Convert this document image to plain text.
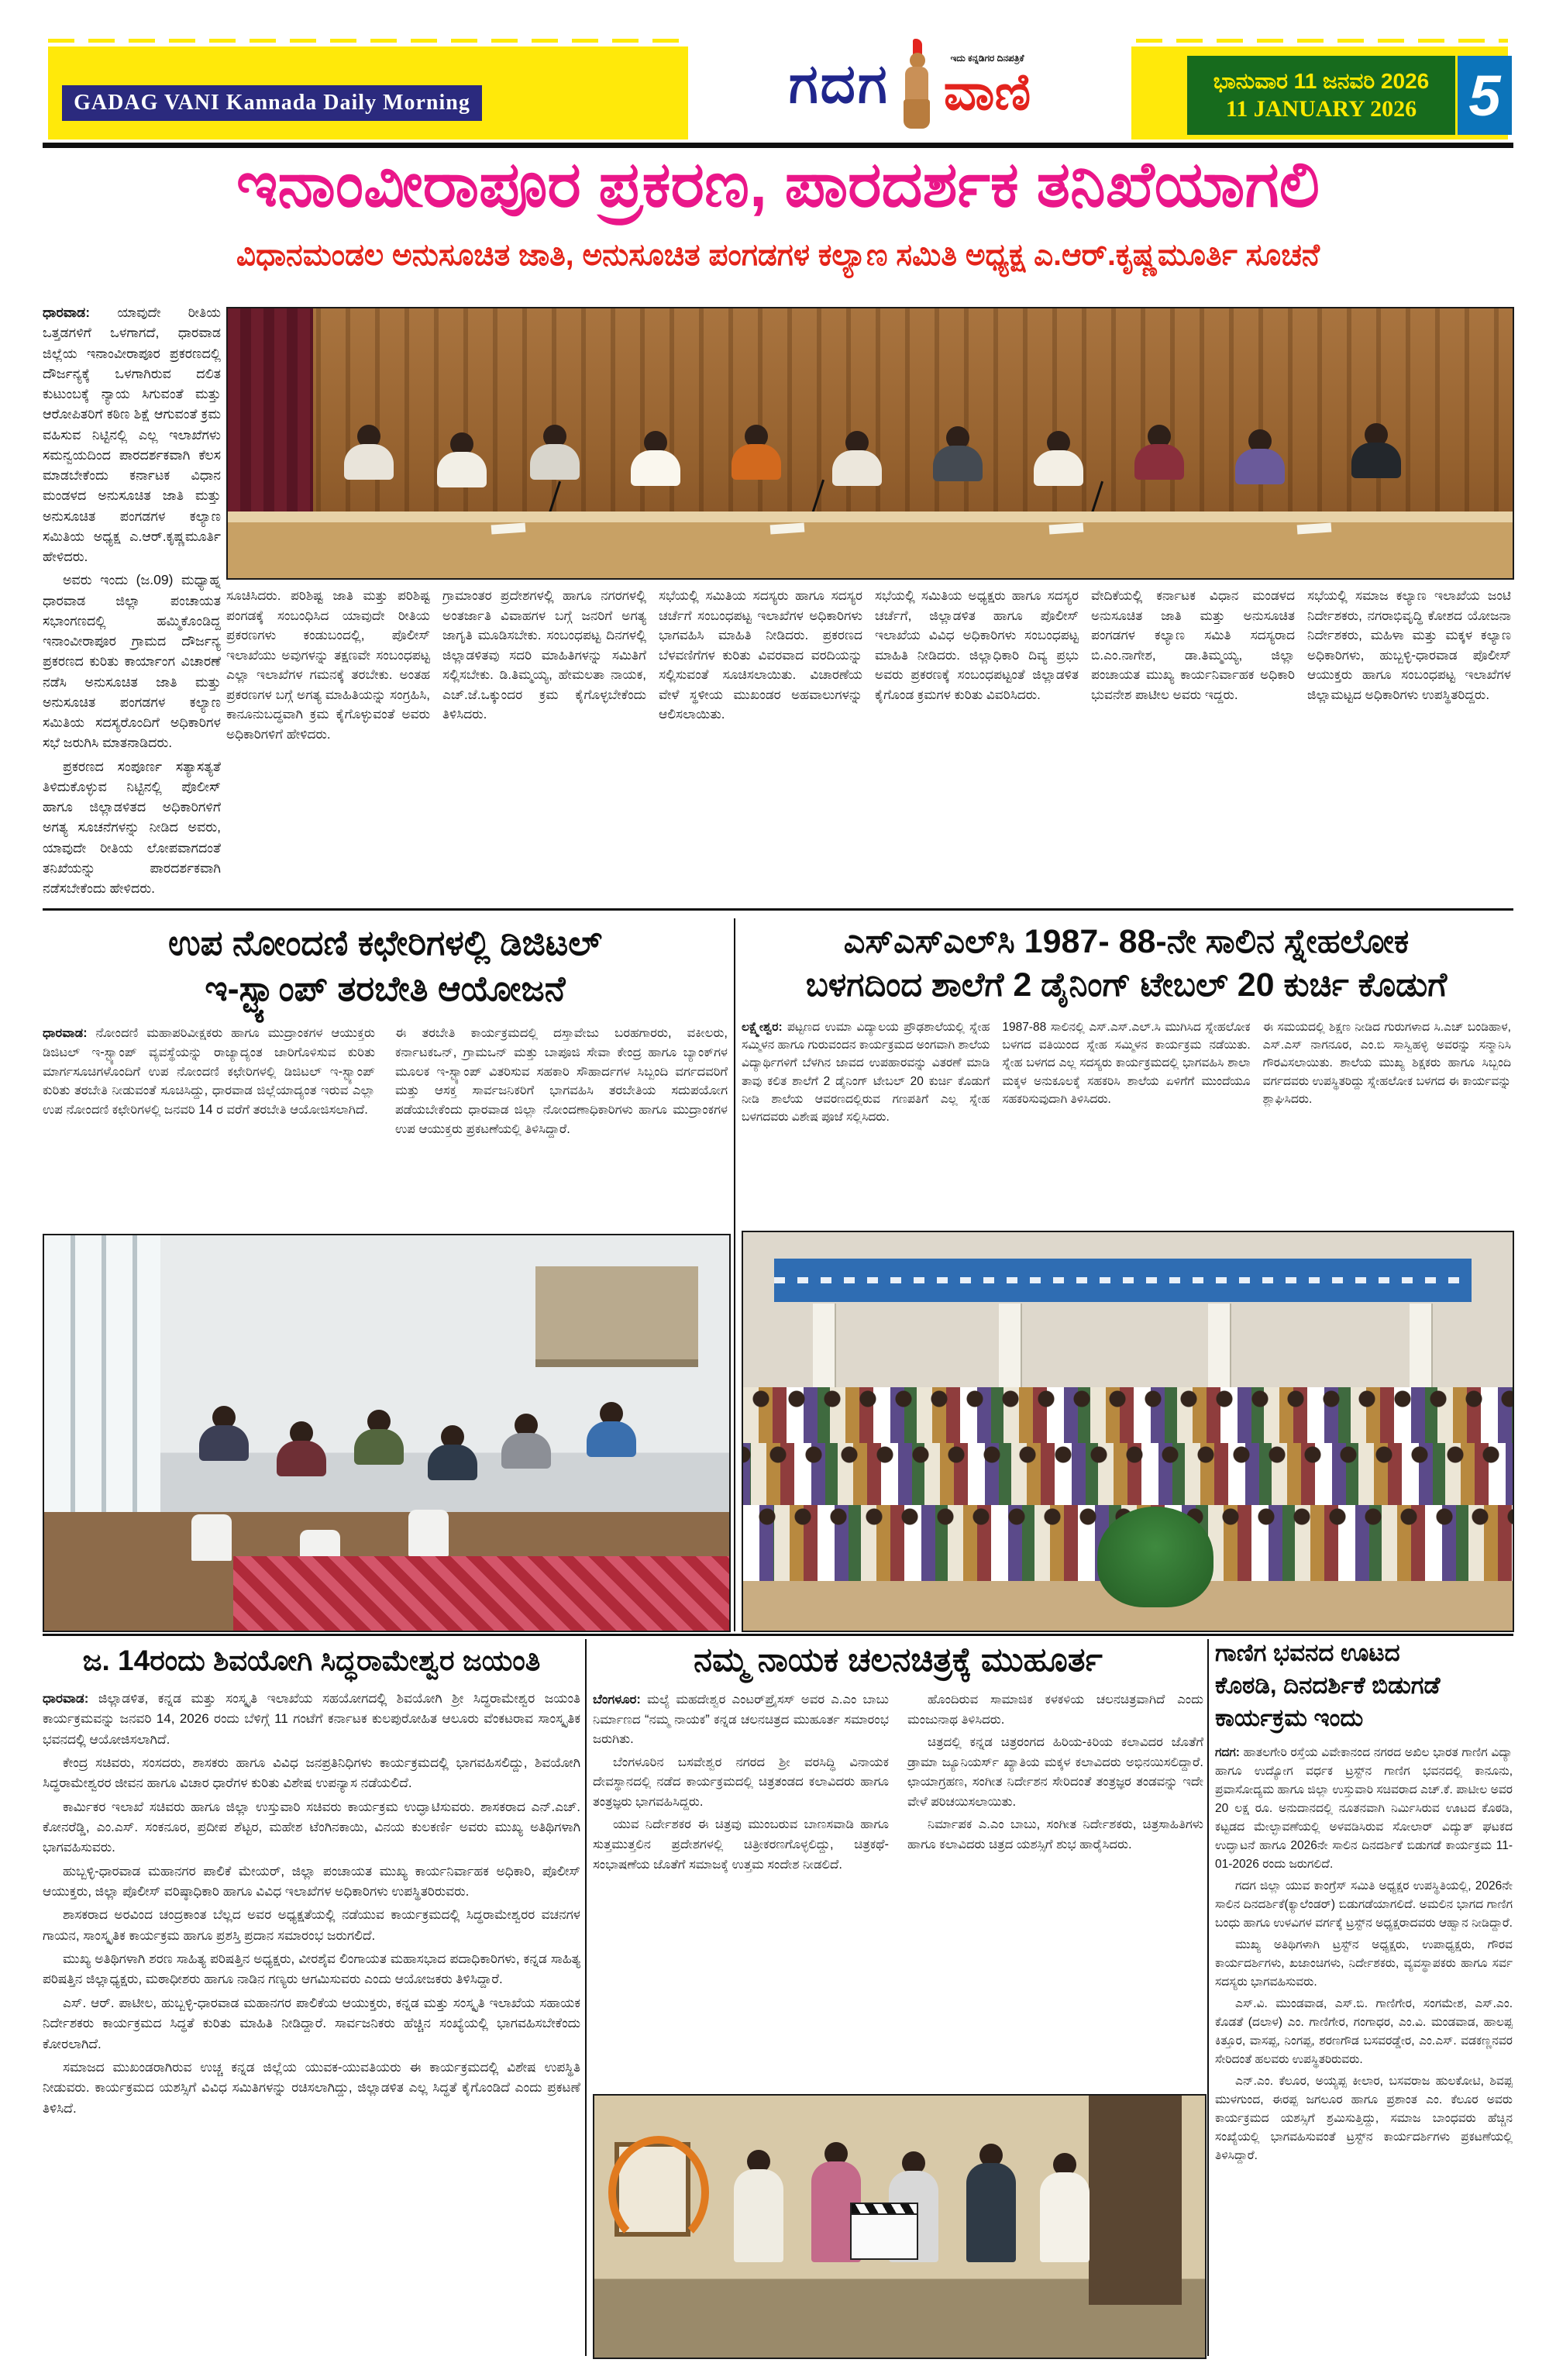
GADAG VANI Kannada Daily Morning	ಗದಗ	ಇದು ಕನ್ನಡಿಗರ ದಿನಪತ್ರಿಕೆ
ವಾಣಿ	ಭಾನುವಾರ 11 ಜನವರಿ 2026
11 JANUARY 2026 5
ಇನಾಂವೀರಾಪೂರ ಪ್ರಕರಣ, ಪಾರದರ್ಶಕ ತನಿಖೆಯಾಗಲಿ
ವಿಧಾನಮಂಡಲ ಅನುಸೂಚಿತ ಜಾತಿ, ಅನುಸೂಚಿತ ಪಂಗಡಗಳ ಕಲ್ಯಾಣ ಸಮಿತಿ ಅಧ್ಯಕ್ಷ ಎ.ಆರ್.ಕೃಷ್ಣಮೂರ್ತಿ ಸೂಚನೆ

ಧಾರವಾಡ: ಯಾವುದೇ ರೀತಿಯ ಒತ್ತಡಗಳಿಗೆ ಒಳಗಾಗದೆ, ಧಾರವಾಡ ಜಿಲ್ಲೆಯ ಇನಾಂವೀರಾಪೂರ ಪ್ರಕರಣದಲ್ಲಿ ದೌರ್ಜನ್ಯಕ್ಕೆ ಒಳಗಾಗಿರುವ ದಲಿತ ಕುಟುಂಬಕ್ಕೆ ನ್ಯಾಯ ಸಿಗುವಂತೆ ಮತ್ತು ಆರೋಪಿತರಿಗೆ ಕಠಿಣ ಶಿಕ್ಷೆ ಆಗುವಂತೆ ಕ್ರಮ ವಹಿಸುವ ನಿಟ್ಟಿನಲ್ಲಿ ಎಲ್ಲ ಇಲಾಖೆಗಳು ಸಮನ್ವಯದಿಂದ ಪಾರದರ್ಶಕವಾಗಿ ಕೆಲಸ ಮಾಡಬೇಕೆಂದು ಕರ್ನಾಟಕ ವಿಧಾನ ಮಂಡಳದ ಅನುಸೂಚಿತ ಜಾತಿ ಮತ್ತು ಅನುಸೂಚಿತ ಪಂಗಡಗಳ ಕಲ್ಯಾಣ ಸಮಿತಿಯ ಅಧ್ಯಕ್ಷ ಎ.ಆರ್.ಕೃಷ್ಣಮೂರ್ತಿ ಹೇಳಿದರು.

ಅವರು ಇಂದು (ಜ.09) ಮಧ್ಯಾಹ್ನ ಧಾರವಾಡ ಜಿಲ್ಲಾ ಪಂಚಾಯತ ಸಭಾಂಗಣದಲ್ಲಿ ಹಮ್ಮಿಕೊಂಡಿದ್ದ ಇನಾಂವೀರಾಪೂರ ಗ್ರಾಮದ ದೌರ್ಜನ್ಯ ಪ್ರಕರಣದ ಕುರಿತು ಕಾರ್ಯಾಂಗ ವಿಚಾರಣೆ ನಡೆಸಿ ಅನುಸೂಚಿತ ಜಾತಿ ಮತ್ತು ಅನುಸೂಚಿತ ಪಂಗಡಗಳ ಕಲ್ಯಾಣ ಸಮಿತಿಯ ಸದಸ್ಯರೊಂದಿಗೆ ಅಧಿಕಾರಿಗಳ ಸಭೆ ಜರುಗಿಸಿ ಮಾತನಾಡಿದರು.

ಪ್ರಕರಣದ ಸಂಪೂರ್ಣ ಸತ್ಯಾಸತ್ಯತೆ ತಿಳಿದುಕೊಳ್ಳುವ ನಿಟ್ಟಿನಲ್ಲಿ ಪೊಲೀಸ್ ಹಾಗೂ ಜಿಲ್ಲಾಡಳಿತದ ಅಧಿಕಾರಿಗಳಿಗೆ ಅಗತ್ಯ ಸೂಚನೆಗಳನ್ನು ನೀಡಿದ ಅವರು, ಯಾವುದೇ ರೀತಿಯ ಲೋಪವಾಗದಂತೆ ತನಿಖೆಯನ್ನು ಪಾರದರ್ಶಕವಾಗಿ ನಡೆಸಬೇಕೆಂದು ಹೇಳಿದರು.

ಸೂಚಿಸಿದರು. ಪರಿಶಿಷ್ಟ ಜಾತಿ ಮತ್ತು ಪರಿಶಿಷ್ಟ ಪಂಗಡಕ್ಕೆ ಸಂಬಂಧಿಸಿದ ಯಾವುದೇ ರೀತಿಯ ಪ್ರಕರಣಗಳು ಕಂಡುಬಂದಲ್ಲಿ, ಪೊಲೀಸ್ ಇಲಾಖೆಯು ಅವುಗಳನ್ನು ತಕ್ಷಣವೇ ಸಂಬಂಧಪಟ್ಟ ಎಲ್ಲಾ ಇಲಾಖೆಗಳ ಗಮನಕ್ಕೆ ತರಬೇಕು. ಅಂತಹ ಪ್ರಕರಣಗಳ ಬಗ್ಗೆ ಅಗತ್ಯ ಮಾಹಿತಿಯನ್ನು ಸಂಗ್ರಹಿಸಿ, ಕಾನೂನುಬದ್ಧವಾಗಿ ಕ್ರಮ ಕೈಗೊಳ್ಳುವಂತೆ ಅವರು ಅಧಿಕಾರಿಗಳಿಗೆ ಹೇಳಿದರು.
ಗ್ರಾಮಾಂತರ ಪ್ರದೇಶಗಳಲ್ಲಿ ಹಾಗೂ ನಗರಗಳಲ್ಲಿ ಅಂತರ್ಜಾತಿ ವಿವಾಹಗಳ ಬಗ್ಗೆ ಜನರಿಗೆ ಅಗತ್ಯ ಜಾಗೃತಿ ಮೂಡಿಸಬೇಕು. ಸಂಬಂಧಪಟ್ಟ ದಿನಗಳಲ್ಲಿ ಜಿಲ್ಲಾಡಳಿತವು ಸದರಿ ಮಾಹಿತಿಗಳನ್ನು ಸಮಿತಿಗೆ ಸಲ್ಲಿಸಬೇಕು. ಡಿ.ತಿಮ್ಮಯ್ಯ, ಹೇಮಲತಾ ನಾಯಕ, ಎಚ್.ಜೆ.ಒಕ್ಕುಂದರ ಕ್ರಮ ಕೈಗೊಳ್ಳಬೇಕೆಂದು ತಿಳಿಸಿದರು.
ಸಭೆಯಲ್ಲಿ ಸಮಿತಿಯ ಸದಸ್ಯರು ಹಾಗೂ ಸದಸ್ಯರ ಚರ್ಚೆಗೆ ಸಂಬಂಧಪಟ್ಟ ಇಲಾಖೆಗಳ ಅಧಿಕಾರಿಗಳು ಭಾಗವಹಿಸಿ ಮಾಹಿತಿ ನೀಡಿದರು. ಪ್ರಕರಣದ ಬೆಳವಣಿಗೆಗಳ ಕುರಿತು ವಿವರವಾದ ವರದಿಯನ್ನು ಸಲ್ಲಿಸುವಂತೆ ಸೂಚಿಸಲಾಯಿತು. ವಿಚಾರಣೆಯ ವೇಳೆ ಸ್ಥಳೀಯ ಮುಖಂಡರ ಅಹವಾಲುಗಳನ್ನು ಆಲಿಸಲಾಯಿತು.
ಸಭೆಯಲ್ಲಿ ಸಮಿತಿಯ ಅಧ್ಯಕ್ಷರು ಹಾಗೂ ಸದಸ್ಯರ ಚರ್ಚೆಗೆ, ಜಿಲ್ಲಾಡಳಿತ ಹಾಗೂ ಪೊಲೀಸ್ ಇಲಾಖೆಯ ವಿವಿಧ ಅಧಿಕಾರಿಗಳು ಸಂಬಂಧಪಟ್ಟ ಮಾಹಿತಿ ನೀಡಿದರು. ಜಿಲ್ಲಾಧಿಕಾರಿ ದಿವ್ಯ ಪ್ರಭು ಅವರು ಪ್ರಕರಣಕ್ಕೆ ಸಂಬಂಧಪಟ್ಟಂತೆ ಜಿಲ್ಲಾಡಳಿತ ಕೈಗೊಂಡ ಕ್ರಮಗಳ ಕುರಿತು ವಿವರಿಸಿದರು.
ವೇದಿಕೆಯಲ್ಲಿ ಕರ್ನಾಟಕ ವಿಧಾನ ಮಂಡಳದ ಅನುಸೂಚಿತ ಜಾತಿ ಮತ್ತು ಅನುಸೂಚಿತ ಪಂಗಡಗಳ ಕಲ್ಯಾಣ ಸಮಿತಿ ಸದಸ್ಯರಾದ ಬಿ.ಎಂ.ನಾಗೇಶ, ಡಾ.ತಿಮ್ಮಯ್ಯ, ಜಿಲ್ಲಾ ಪಂಚಾಯತ ಮುಖ್ಯ ಕಾರ್ಯನಿರ್ವಾಹಕ ಅಧಿಕಾರಿ ಭುವನೇಶ ಪಾಟೀಲ ಅವರು ಇದ್ದರು.
ಸಭೆಯಲ್ಲಿ ಸಮಾಜ ಕಲ್ಯಾಣ ಇಲಾಖೆಯ ಜಂಟಿ ನಿರ್ದೇಶಕರು, ನಗರಾಭಿವೃದ್ಧಿ ಕೋಶದ ಯೋಜನಾ ನಿರ್ದೇಶಕರು, ಮಹಿಳಾ ಮತ್ತು ಮಕ್ಕಳ ಕಲ್ಯಾಣ ಅಧಿಕಾರಿಗಳು, ಹುಬ್ಬಳ್ಳಿ-ಧಾರವಾಡ ಪೊಲೀಸ್ ಆಯುಕ್ತರು ಹಾಗೂ ಸಂಬಂಧಪಟ್ಟ ಇಲಾಖೆಗಳ ಜಿಲ್ಲಾಮಟ್ಟದ ಅಧಿಕಾರಿಗಳು ಉಪಸ್ಥಿತರಿದ್ದರು.
ಉಪ ನೋಂದಣಿ ಕಛೇರಿಗಳಲ್ಲಿ ಡಿಜಿಟಲ್
ಇ-ಸ್ಟ್ಯಾಂಪ್ ತರಬೇತಿ ಆಯೋಜನೆ
ಧಾರವಾಡ: ನೋಂದಣಿ ಮಹಾಪರಿವೀಕ್ಷಕರು ಹಾಗೂ ಮುದ್ರಾಂಕಗಳ ಆಯುಕ್ತರು ಡಿಜಿಟಲ್ ಇ-ಸ್ಟ್ಯಾಂಪ್ ವ್ಯವಸ್ಥೆಯನ್ನು ರಾಜ್ಯಾದ್ಯಂತ ಜಾರಿಗೊಳಿಸುವ ಕುರಿತು ಮಾರ್ಗಸೂಚಿಗಳೊಂದಿಗೆ ಉಪ ನೋಂದಣಿ ಕಛೇರಿಗಳಲ್ಲಿ ಡಿಜಿಟಲ್ ಇ-ಸ್ಟ್ಯಾಂಪ್ ಕುರಿತು ತರಬೇತಿ ನೀಡುವಂತೆ ಸೂಚಿಸಿದ್ದು, ಧಾರವಾಡ ಜಿಲ್ಲೆಯಾದ್ಯಂತ ಇರುವ ಎಲ್ಲಾ ಉಪ ನೋಂದಣಿ ಕಛೇರಿಗಳಲ್ಲಿ ಜನವರಿ 14 ರ ವರೆಗೆ ತರಬೇತಿ ಆಯೋಜಿಸಲಾಗಿದೆ.
ಈ ತರಬೇತಿ ಕಾರ್ಯಕ್ರಮದಲ್ಲಿ ದಸ್ತಾವೇಜು ಬರಹಗಾರರು, ವಕೀಲರು, ಕರ್ನಾಟಕಒನ್, ಗ್ರಾಮಒನ್ ಮತ್ತು ಬಾಪೂಜಿ ಸೇವಾ ಕೇಂದ್ರ ಹಾಗೂ ಬ್ಯಾಂಕ್‌ಗಳ ಮೂಲಕ ಇ-ಸ್ಟ್ಯಾಂಪ್ ವಿತರಿಸುವ ಸಹಕಾರಿ ಸೌಹಾರ್ದಗಳ ಸಿಬ್ಬಂದಿ ವರ್ಗದವರಿಗೆ ಮತ್ತು ಆಸಕ್ತ ಸಾರ್ವಜನಿಕರಿಗೆ ಭಾಗವಹಿಸಿ ತರಬೇತಿಯ ಸದುಪಯೋಗ ಪಡೆಯಬೇಕೆಂದು ಧಾರವಾಡ ಜಿಲ್ಲಾ ನೋಂದಣಾಧಿಕಾರಿಗಳು ಹಾಗೂ ಮುದ್ರಾಂಕಗಳ ಉಪ ಆಯುಕ್ತರು ಪ್ರಕಟಣೆಯಲ್ಲಿ ತಿಳಿಸಿದ್ದಾರೆ.
ಎಸ್‌ಎಸ್‌ಎಲ್‌ಸಿ 1987- 88-ನೇ ಸಾಲಿನ ಸ್ನೇಹಲೋಕ
ಬಳಗದಿಂದ ಶಾಲೆಗೆ 2 ಡೈನಿಂಗ್ ಟೇಬಲ್ 20 ಕುರ್ಚಿ ಕೊಡುಗೆ
ಲಕ್ಷ್ಮೇಶ್ವರ: ಪಟ್ಟಣದ ಉಮಾ ವಿದ್ಯಾಲಯ ಪ್ರೌಢಶಾಲೆಯಲ್ಲಿ ಸ್ನೇಹ ಸಮ್ಮಿಳನ ಹಾಗೂ ಗುರುವಂದನ ಕಾರ್ಯಕ್ರಮದ ಅಂಗವಾಗಿ ಶಾಲೆಯ ವಿದ್ಯಾರ್ಥಿಗಳಿಗೆ ಬೆಳಗಿನ ಜಾವದ ಉಪಹಾರವನ್ನು ವಿತರಣೆ ಮಾಡಿ ತಾವು ಕಲಿತ ಶಾಲೆಗೆ 2 ಡೈನಿಂಗ್ ಟೇಬಲ್ 20 ಕುರ್ಚಿ ಕೊಡುಗೆ ನೀಡಿ ಶಾಲೆಯ ಆವರಣದಲ್ಲಿರುವ ಗಣಪತಿಗೆ ಎಲ್ಲ ಸ್ನೇಹ ಬಳಗದವರು ವಿಶೇಷ ಪೂಜೆ ಸಲ್ಲಿಸಿದರು.
1987-88 ಸಾಲಿನಲ್ಲಿ ಎಸ್.ಎಸ್.ಎಲ್.ಸಿ ಮುಗಿಸಿದ ಸ್ನೇಹಲೋಕ ಬಳಗದ ವತಿಯಿಂದ ಸ್ನೇಹ ಸಮ್ಮಿಳನ ಕಾರ್ಯಕ್ರಮ ನಡೆಯಿತು. ಸ್ನೇಹ ಬಳಗದ ಎಲ್ಲ ಸದಸ್ಯರು ಕಾರ್ಯಕ್ರಮದಲ್ಲಿ ಭಾಗವಹಿಸಿ ಶಾಲಾ ಮಕ್ಕಳ ಅನುಕೂಲಕ್ಕೆ ಸಹಕರಿಸಿ ಶಾಲೆಯ ಏಳಿಗೆಗೆ ಮುಂದೆಯೂ ಸಹಕರಿಸುವುದಾಗಿ ತಿಳಿಸಿದರು.
ಈ ಸಮಯದಲ್ಲಿ ಶಿಕ್ಷಣ ನೀಡಿದ ಗುರುಗಳಾದ ಸಿ.ಎಚ್ ಬಂಡಿಹಾಳ, ಎಸ್.ಎಸ್ ನಾಗನೂರ, ಎಂ.ಬಿ ಸಾಸ್ವಿಹಳ್ಳಿ ಅವರನ್ನು ಸನ್ಮಾನಿಸಿ ಗೌರವಿಸಲಾಯಿತು. ಶಾಲೆಯ ಮುಖ್ಯ ಶಿಕ್ಷಕರು ಹಾಗೂ ಸಿಬ್ಬಂದಿ ವರ್ಗದವರು ಉಪಸ್ಥಿತರಿದ್ದು ಸ್ನೇಹಲೋಕ ಬಳಗದ ಈ ಕಾರ್ಯವನ್ನು ಶ್ಲಾಘಿಸಿದರು.
ಜ. 14ರಂದು ಶಿವಯೋಗಿ ಸಿದ್ಧರಾಮೇಶ್ವರ ಜಯಂತಿ

ಧಾರವಾಡ: ಜಿಲ್ಲಾಡಳಿತ, ಕನ್ನಡ ಮತ್ತು ಸಂಸ್ಕೃತಿ ಇಲಾಖೆಯ ಸಹಯೋಗದಲ್ಲಿ ಶಿವಯೋಗಿ ಶ್ರೀ ಸಿದ್ಧರಾಮೇಶ್ವರ ಜಯಂತಿ ಕಾರ್ಯಕ್ರಮವನ್ನು ಜನವರಿ 14, 2026 ರಂದು ಬೆಳಿಗ್ಗೆ 11 ಗಂಟೆಗೆ ಕರ್ನಾಟಕ ಕುಲಪುರೋಹಿತ ಆಲೂರು ವೆಂಕಟರಾವ ಸಾಂಸ್ಕೃತಿಕ ಭವನದಲ್ಲಿ ಆಯೋಜಿಸಲಾಗಿದೆ.

ಕೇಂದ್ರ ಸಚಿವರು, ಸಂಸದರು, ಶಾಸಕರು ಹಾಗೂ ವಿವಿಧ ಜನಪ್ರತಿನಿಧಿಗಳು ಕಾರ್ಯಕ್ರಮದಲ್ಲಿ ಭಾಗವಹಿಸಲಿದ್ದು, ಶಿವಯೋಗಿ ಸಿದ್ಧರಾಮೇಶ್ವರರ ಜೀವನ ಹಾಗೂ ವಿಚಾರ ಧಾರೆಗಳ ಕುರಿತು ವಿಶೇಷ ಉಪನ್ಯಾಸ ನಡೆಯಲಿದೆ.

ಕಾರ್ಮಿಕರ ಇಲಾಖೆ ಸಚಿವರು ಹಾಗೂ ಜಿಲ್ಲಾ ಉಸ್ತುವಾರಿ ಸಚಿವರು ಕಾರ್ಯಕ್ರಮ ಉದ್ಘಾಟಿಸುವರು. ಶಾಸಕರಾದ ಎನ್.ಎಚ್. ಕೋನರೆಡ್ಡಿ, ಎಂ.ಎಸ್. ಸಂಕನೂರ, ಪ್ರದೀಪ ಶೆಟ್ಟರ, ಮಹೇಶ ಟೆಂಗಿನಕಾಯಿ, ವಿನಯ ಕುಲಕರ್ಣಿ ಅವರು ಮುಖ್ಯ ಅತಿಥಿಗಳಾಗಿ ಭಾಗವಹಿಸುವರು.

ಹುಬ್ಬಳ್ಳಿ-ಧಾರವಾಡ ಮಹಾನಗರ ಪಾಲಿಕೆ ಮೇಯರ್, ಜಿಲ್ಲಾ ಪಂಚಾಯತ ಮುಖ್ಯ ಕಾರ್ಯನಿರ್ವಾಹಕ ಅಧಿಕಾರಿ, ಪೊಲೀಸ್ ಆಯುಕ್ತರು, ಜಿಲ್ಲಾ ಪೊಲೀಸ್ ವರಿಷ್ಠಾಧಿಕಾರಿ ಹಾಗೂ ವಿವಿಧ ಇಲಾಖೆಗಳ ಅಧಿಕಾರಿಗಳು ಉಪಸ್ಥಿತರಿರುವರು.

ಶಾಸಕರಾದ ಅರವಿಂದ ಚಂದ್ರಕಾಂತ ಬೆಲ್ಲದ ಅವರ ಅಧ್ಯಕ್ಷತೆಯಲ್ಲಿ ನಡೆಯುವ ಕಾರ್ಯಕ್ರಮದಲ್ಲಿ ಸಿದ್ಧರಾಮೇಶ್ವರರ ವಚನಗಳ ಗಾಯನ, ಸಾಂಸ್ಕೃತಿಕ ಕಾರ್ಯಕ್ರಮ ಹಾಗೂ ಪ್ರಶಸ್ತಿ ಪ್ರದಾನ ಸಮಾರಂಭ ಜರುಗಲಿದೆ.

ಮುಖ್ಯ ಅತಿಥಿಗಳಾಗಿ ಶರಣ ಸಾಹಿತ್ಯ ಪರಿಷತ್ತಿನ ಅಧ್ಯಕ್ಷರು, ವೀರಶೈವ ಲಿಂಗಾಯತ ಮಹಾಸಭಾದ ಪದಾಧಿಕಾರಿಗಳು, ಕನ್ನಡ ಸಾಹಿತ್ಯ ಪರಿಷತ್ತಿನ ಜಿಲ್ಲಾಧ್ಯಕ್ಷರು, ಮಠಾಧೀಶರು ಹಾಗೂ ನಾಡಿನ ಗಣ್ಯರು ಆಗಮಿಸುವರು ಎಂದು ಆಯೋಜಕರು ತಿಳಿಸಿದ್ದಾರೆ.

ಎಸ್. ಆರ್. ಪಾಟೀಲ, ಹುಬ್ಬಳ್ಳಿ-ಧಾರವಾಡ ಮಹಾನಗರ ಪಾಲಿಕೆಯ ಆಯುಕ್ತರು, ಕನ್ನಡ ಮತ್ತು ಸಂಸ್ಕೃತಿ ಇಲಾಖೆಯ ಸಹಾಯಕ ನಿರ್ದೇಶಕರು ಕಾರ್ಯಕ್ರಮದ ಸಿದ್ಧತೆ ಕುರಿತು ಮಾಹಿತಿ ನೀಡಿದ್ದಾರೆ. ಸಾರ್ವಜನಿಕರು ಹೆಚ್ಚಿನ ಸಂಖ್ಯೆಯಲ್ಲಿ ಭಾಗವಹಿಸಬೇಕೆಂದು ಕೋರಲಾಗಿದೆ.

ಸಮಾಜದ ಮುಖಂಡರಾಗಿರುವ ಉಚ್ಚ ಕನ್ನಡ ಜಿಲ್ಲೆಯ ಯುವಕ-ಯುವತಿಯರು ಈ ಕಾರ್ಯಕ್ರಮದಲ್ಲಿ ವಿಶೇಷ ಉಪಸ್ಥಿತಿ ನೀಡುವರು. ಕಾರ್ಯಕ್ರಮದ ಯಶಸ್ಸಿಗೆ ವಿವಿಧ ಸಮಿತಿಗಳನ್ನು ರಚಿಸಲಾಗಿದ್ದು, ಜಿಲ್ಲಾಡಳಿತ ಎಲ್ಲ ಸಿದ್ಧತೆ ಕೈಗೊಂಡಿದೆ ಎಂದು ಪ್ರಕಟಣೆ ತಿಳಿಸಿದೆ.

ನಮ್ಮ ನಾಯಕ ಚಲನಚಿತ್ರಕ್ಕೆ ಮುಹೂರ್ತ

ಬೆಂಗಳೂರ: ಮಲ್ಯೆ ಮಹದೇಶ್ವರ ಎಂಟರ್‌ಪ್ರೈಸಸ್ ಅವರ ಎ.ಎಂ ಬಾಬು ನಿರ್ಮಾಣದ “ನಮ್ಮ ನಾಯಕ” ಕನ್ನಡ ಚಲನಚಿತ್ರದ ಮುಹೂರ್ತ ಸಮಾರಂಭ ಜರುಗಿತು.

ಬೆಂಗಳೂರಿನ ಬಸವೇಶ್ವರ ನಗರದ ಶ್ರೀ ವರಸಿದ್ಧಿ ವಿನಾಯಕ ದೇವಸ್ಥಾನದಲ್ಲಿ ನಡೆದ ಕಾರ್ಯಕ್ರಮದಲ್ಲಿ ಚಿತ್ರತಂಡದ ಕಲಾವಿದರು ಹಾಗೂ ತಂತ್ರಜ್ಞರು ಭಾಗವಹಿಸಿದ್ದರು.

ಯುವ ನಿರ್ದೇಶಕರ ಈ ಚಿತ್ರವು ಮುಂಬರುವ ಬಾಣಸವಾಡಿ ಹಾಗೂ ಸುತ್ತಮುತ್ತಲಿನ ಪ್ರದೇಶಗಳಲ್ಲಿ ಚಿತ್ರೀಕರಣಗೊಳ್ಳಲಿದ್ದು, ಚಿತ್ರಕಥೆ-ಸಂಭಾಷಣೆಯ ಜೊತೆಗೆ ಸಮಾಜಕ್ಕೆ ಉತ್ತಮ ಸಂದೇಶ ನೀಡಲಿದೆ.

ಹೊಂದಿರುವ ಸಾಮಾಜಿಕ ಕಳಕಳಿಯ ಚಲನಚಿತ್ರವಾಗಿದೆ ಎಂದು ಮಂಜುನಾಥ ತಿಳಿಸಿದರು.

ಚಿತ್ರದಲ್ಲಿ ಕನ್ನಡ ಚಿತ್ರರಂಗದ ಹಿರಿಯ-ಕಿರಿಯ ಕಲಾವಿದರ ಜೊತೆಗೆ ಡ್ರಾಮಾ ಜ್ಯೂನಿಯರ್ಸ್ ಖ್ಯಾತಿಯ ಮಕ್ಕಳ ಕಲಾವಿದರು ಅಭಿನಯಿಸಲಿದ್ದಾರೆ. ಛಾಯಾಗ್ರಹಣ, ಸಂಗೀತ ನಿರ್ದೇಶನ ಸೇರಿದಂತೆ ತಂತ್ರಜ್ಞರ ತಂಡವನ್ನು ಇದೇ ವೇಳೆ ಪರಿಚಯಿಸಲಾಯಿತು.

ನಿರ್ಮಾಪಕ ಎ.ಎಂ ಬಾಬು, ಸಂಗೀತ ನಿರ್ದೇಶಕರು, ಚಿತ್ರಸಾಹಿತಿಗಳು ಹಾಗೂ ಕಲಾವಿದರು ಚಿತ್ರದ ಯಶಸ್ಸಿಗೆ ಶುಭ ಹಾರೈಸಿದರು.

ಗಾಣಿಗ ಭವನದ ಊಟದ
ಕೊಠಡಿ, ದಿನದರ್ಶಿಕೆ ಬಿಡುಗಡೆ
ಕಾರ್ಯಕ್ರಮ ಇಂದು

ಗದಗ: ಹಾತಲಗೇರಿ ರಸ್ತೆಯ ವಿವೇಕಾನಂದ ನಗರದ ಅಖಿಲ ಭಾರತ ಗಾಣಿಗ ವಿದ್ಯಾ ಹಾಗೂ ಉದ್ಯೋಗ ವರ್ಧಕ ಟ್ರಸ್ಟ್‌ನ ಗಾಣಿಗ ಭವನದಲ್ಲಿ ಕಾನೂನು, ಪ್ರವಾಸೋದ್ಯಮ ಹಾಗೂ ಜಿಲ್ಲಾ ಉಸ್ತುವಾರಿ ಸಚಿವರಾದ ಎಚ್.ಕೆ. ಪಾಟೀಲ ಅವರ 20 ಲಕ್ಷ ರೂ. ಅನುದಾನದಲ್ಲಿ ನೂತನವಾಗಿ ನಿರ್ಮಿಸಿರುವ ಊಟದ ಕೊಠಡಿ, ಕಟ್ಟಡದ ಮೇಲ್ಛಾವಣೆಯಲ್ಲಿ ಅಳವಡಿಸಿರುವ ಸೋಲಾರ್ ವಿದ್ಯುತ್ ಘಟಕದ ಉದ್ಘಾಟನೆ ಹಾಗೂ 2026ನೇ ಸಾಲಿನ ದಿನದರ್ಶಿಕೆ ಬಿಡುಗಡೆ ಕಾರ್ಯಕ್ರಮ 11-01-2026 ರಂದು ಜರುಗಲಿದೆ.

ಗದಗ ಜಿಲ್ಲಾ ಯುವ ಕಾಂಗ್ರೆಸ್ ಸಮಿತಿ ಅಧ್ಯಕ್ಷರ ಉಪಸ್ಥಿತಿಯಲ್ಲಿ, 2026ನೇ ಸಾಲಿನ ದಿನದರ್ಶಿಕೆ(ಕ್ಯಾಲೆಂಡರ್) ಬಿಡುಗಡೆಯಾಗಲಿದೆ. ಅಮಲಿನ ಭಾಗದ ಗಾಣಿಗ ಬಂಧು ಹಾಗೂ ಉಳವಿಗಳ ವರ್ಗಕ್ಕೆ ಟ್ರಸ್ಟ್‌ನ ಅಧ್ಯಕ್ಷರಾದವರು ಆಹ್ವಾನ ನೀಡಿದ್ದಾರೆ.

ಮುಖ್ಯ ಅತಿಥಿಗಳಾಗಿ ಟ್ರಸ್ಟ್‌ನ ಅಧ್ಯಕ್ಷರು, ಉಪಾಧ್ಯಕ್ಷರು, ಗೌರವ ಕಾರ್ಯದರ್ಶಿಗಳು, ಖಜಾಂಚಿಗಳು, ನಿರ್ದೇಶಕರು, ವ್ಯವಸ್ಥಾಪಕರು ಹಾಗೂ ಸರ್ವ ಸದಸ್ಯರು ಭಾಗವಹಿಸುವರು.

ಎಸ್.ವಿ. ಮುಂಡವಾಡ, ಎಸ್.ಬಿ. ಗಾಣಿಗೇರ, ಸಂಗಮೇಶ, ಎಸ್.ಎಂ. ಕೊಡತೆ (ದಲಾಳ) ಎಂ. ಗಾಣಿಗೇರ, ಗಂಗಾಧರ, ಎಂ.ವಿ. ಮಂಡವಾಡ, ಹಾಲಪ್ಪ ಕಿತ್ತೂರ, ವಾಸಪ್ಪ, ನಿಂಗಪ್ಪ, ಶರಣಗೌಡ ಬಸವರಡ್ಡೇರ, ಎಂ.ಎಸ್. ವಡಕಣ್ಣನವರ ಸೇರಿದಂತೆ ಹಲವರು ಉಪಸ್ಥಿತರಿರುವರು.

ಎನ್.ಎಂ. ಕೆಲೂರ, ಅಯ್ಯಪ್ಪ ಕೀಲಾರ, ಬಸವರಾಜ ಹುಲಕೋಟಿ, ಶಿವಪ್ಪ ಮುಳಗುಂದ, ಈರಪ್ಪ ಜಗಲೂರ ಹಾಗೂ ಪ್ರಶಾಂತ ಎಂ. ಕೆಲೂರ ಅವರು ಕಾರ್ಯಕ್ರಮದ ಯಶಸ್ಸಿಗೆ ಶ್ರಮಿಸುತ್ತಿದ್ದು, ಸಮಾಜ ಬಾಂಧವರು ಹೆಚ್ಚಿನ ಸಂಖ್ಯೆಯಲ್ಲಿ ಭಾಗವಹಿಸುವಂತೆ ಟ್ರಸ್ಟ್‌ನ ಕಾರ್ಯದರ್ಶಿಗಳು ಪ್ರಕಟಣೆಯಲ್ಲಿ ತಿಳಿಸಿದ್ದಾರೆ.
